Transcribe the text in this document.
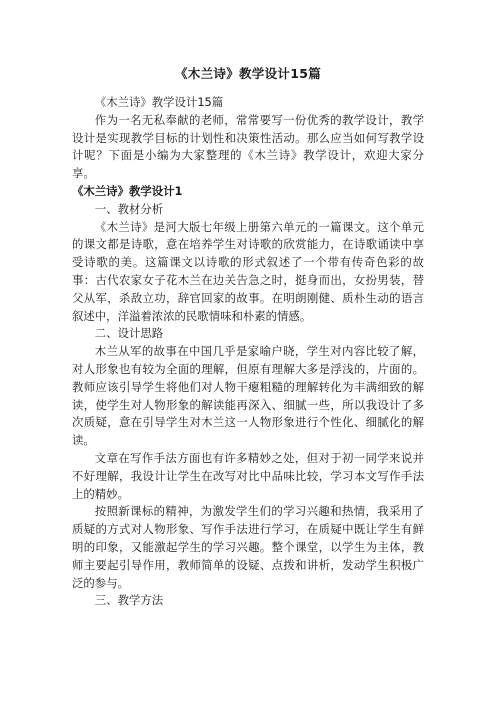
《木兰诗》教学设计15篇

《木兰诗》教学设计15篇

作为一名无私奉献的老师，常常要写一份优秀的教学设计，教学设计是实现教学目标的计划性和决策性活动。那么应当如何写教学设计呢？下面是小编为大家整理的《木兰诗》教学设计，欢迎大家分享。

《木兰诗》教学设计1

一、教材分析

《木兰诗》是河大版七年级上册第六单元的一篇课文。这个单元的课文都是诗歌，意在培养学生对诗歌的欣赏能力，在诗歌诵读中享受诗歌的美。这篇课文以诗歌的形式叙述了一个带有传奇色彩的故事：古代农家女子花木兰在边关告急之时，挺身而出，女扮男装，替父从军，杀敌立功，辞官回家的故事。在明朗刚健、质朴生动的语言叙述中，洋溢着浓浓的民歌情味和朴素的情感。

二、设计思路

木兰从军的故事在中国几乎是家喻户晓，学生对内容比较了解，对人形象也有较为全面的理解，但原有理解大多是浮浅的，片面的。教师应该引导学生将他们对人物干瘪粗糙的理解转化为丰满细致的解读，使学生对人物形象的解读能再深入、细腻一些，所以我设计了多次质疑，意在引导学生对木兰这一人物形象进行个性化、细腻化的解读。

文章在写作手法方面也有许多精妙之处，但对于初一同学来说并不好理解，我设计让学生在改写对比中品味比较，学习本文写作手法上的精妙。

按照新课标的精神，为激发学生们的学习兴趣和热情，我采用了质疑的方式对人物形象、写作手法进行学习，在质疑中既让学生有鲜明的印象，又能激起学生的学习兴趣。整个课堂，以学生为主体，教师主要起引导作用，教师简单的设疑、点拨和讲析，发动学生积极广泛的参与。

三、教学方法
